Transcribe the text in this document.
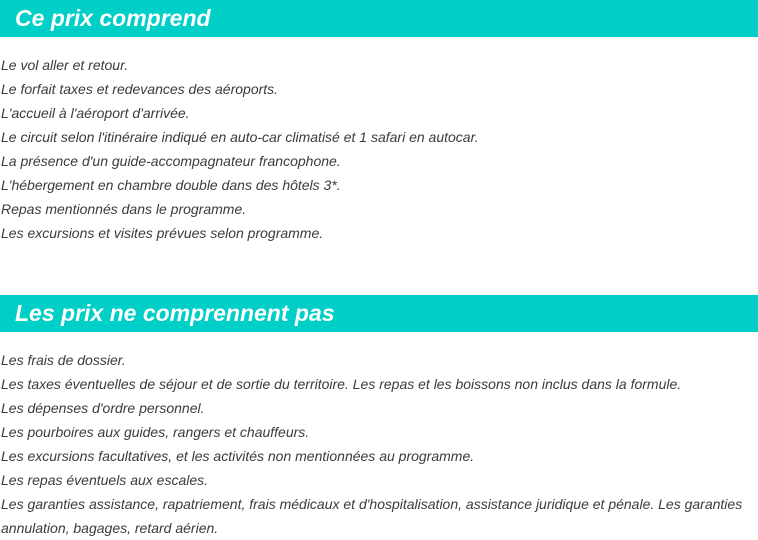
Ce prix comprend
Le vol aller et retour.
Le forfait taxes et redevances des aéroports.
L'accueil à l'aéroport d'arrivée.
Le circuit selon l'itinéraire indiqué en auto-car climatisé et 1 safari en autocar.
La présence d'un guide-accompagnateur francophone.
L'hébergement en chambre double dans des hôtels 3*.
Repas mentionnés dans le programme.
Les excursions et visites prévues selon programme.
Les prix ne comprennent pas
Les frais de dossier.
Les taxes éventuelles de séjour et de sortie du territoire. Les repas et les boissons non inclus dans la formule.
Les dépenses d'ordre personnel.
Les pourboires aux guides, rangers et chauffeurs.
Les excursions facultatives, et les activités non mentionnées au programme.
Les repas éventuels aux escales.
Les garanties assistance, rapatriement, frais médicaux et d'hospitalisation, assistance juridique et pénale. Les garanties annulation, bagages, retard aérien.
